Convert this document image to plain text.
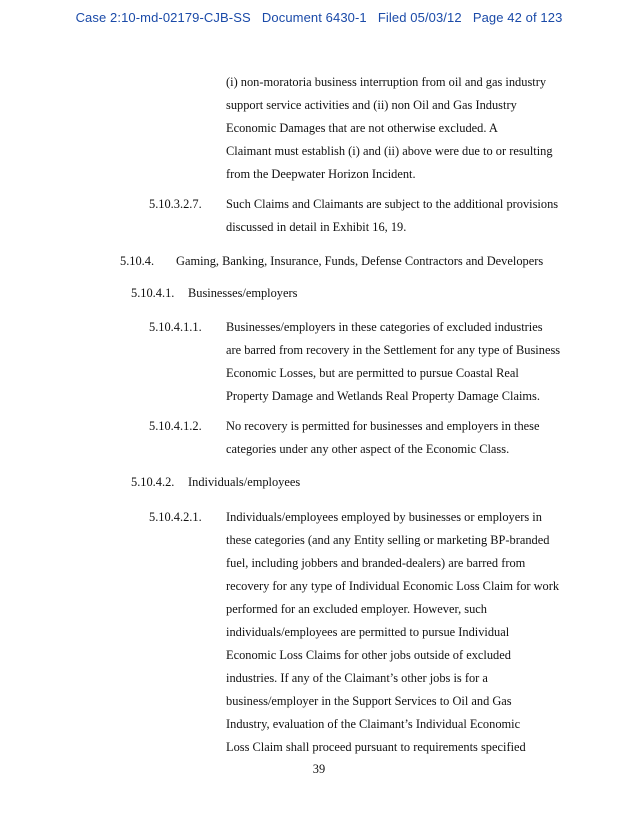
Case 2:10-md-02179-CJB-SS Document 6430-1 Filed 05/03/12 Page 42 of 123
(i) non-moratoria business interruption from oil and gas industry
support service activities and (ii) non Oil and Gas Industry
Economic Damages that are not otherwise excluded. A
Claimant must establish (i) and (ii) above were due to or resulting
from the Deepwater Horizon Incident.
5.10.3.2.7. Such Claims and Claimants are subject to the additional provisions
discussed in detail in Exhibit 16, 19.
5.10.4. Gaming, Banking, Insurance, Funds, Defense Contractors and Developers
5.10.4.1. Businesses/employers
5.10.4.1.1. Businesses/employers in these categories of excluded industries
are barred from recovery in the Settlement for any type of Business
Economic Losses, but are permitted to pursue Coastal Real
Property Damage and Wetlands Real Property Damage Claims.
5.10.4.1.2. No recovery is permitted for businesses and employers in these
categories under any other aspect of the Economic Class.
5.10.4.2. Individuals/employees
5.10.4.2.1. Individuals/employees employed by businesses or employers in
these categories (and any Entity selling or marketing BP-branded
fuel, including jobbers and branded-dealers) are barred from
recovery for any type of Individual Economic Loss Claim for work
performed for an excluded employer. However, such
individuals/employees are permitted to pursue Individual
Economic Loss Claims for other jobs outside of excluded
industries. If any of the Claimant’s other jobs is for a
business/employer in the Support Services to Oil and Gas
Industry, evaluation of the Claimant’s Individual Economic
Loss Claim shall proceed pursuant to requirements specified
39
